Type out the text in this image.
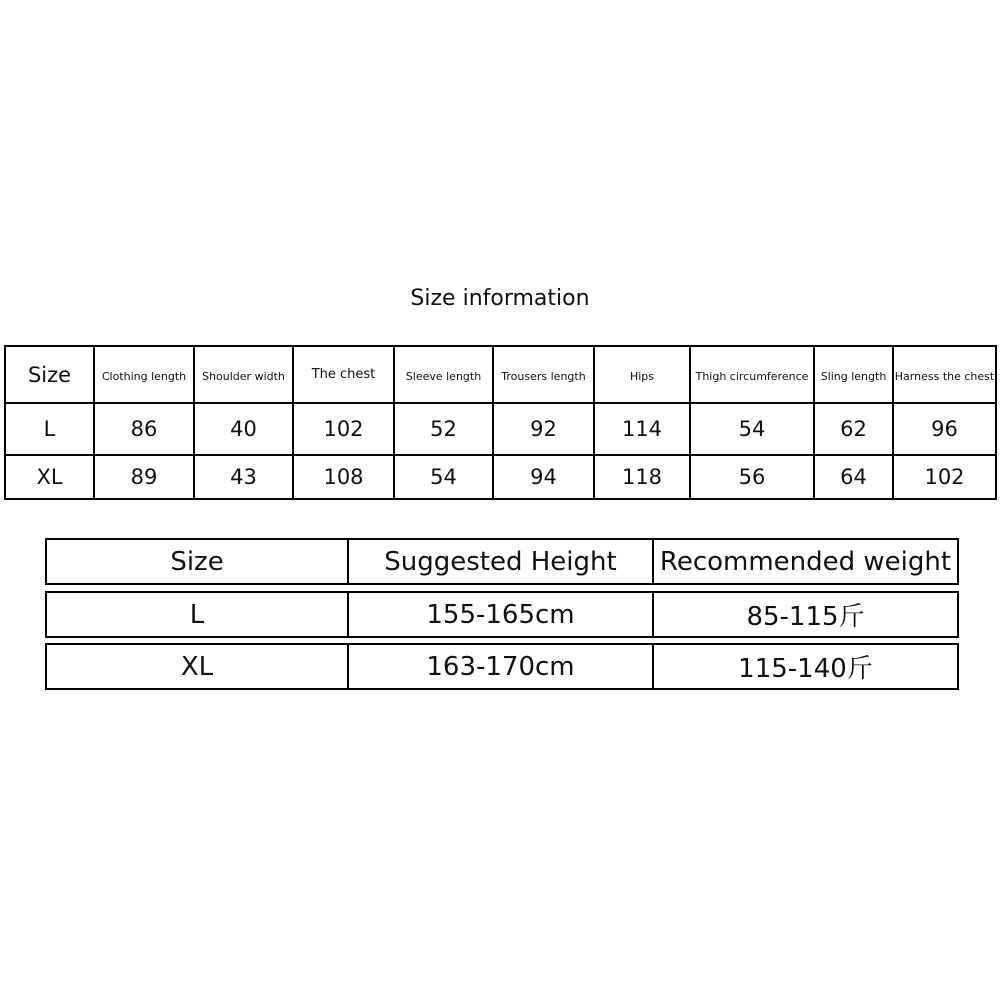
Size information
Size	Clothing length	Shoulder width	The chest	Sleeve length	Trousers length	Hips	Thigh circumference	Sling length	Harness the chest
L	86	40	102	52	92	114	54	62	96
XL	89	43	108	54	94	118	56	64	102
Size	Suggested Height	Recommended weight
L	155-165cm	85-115斤
XL	163-170cm	115-140斤
